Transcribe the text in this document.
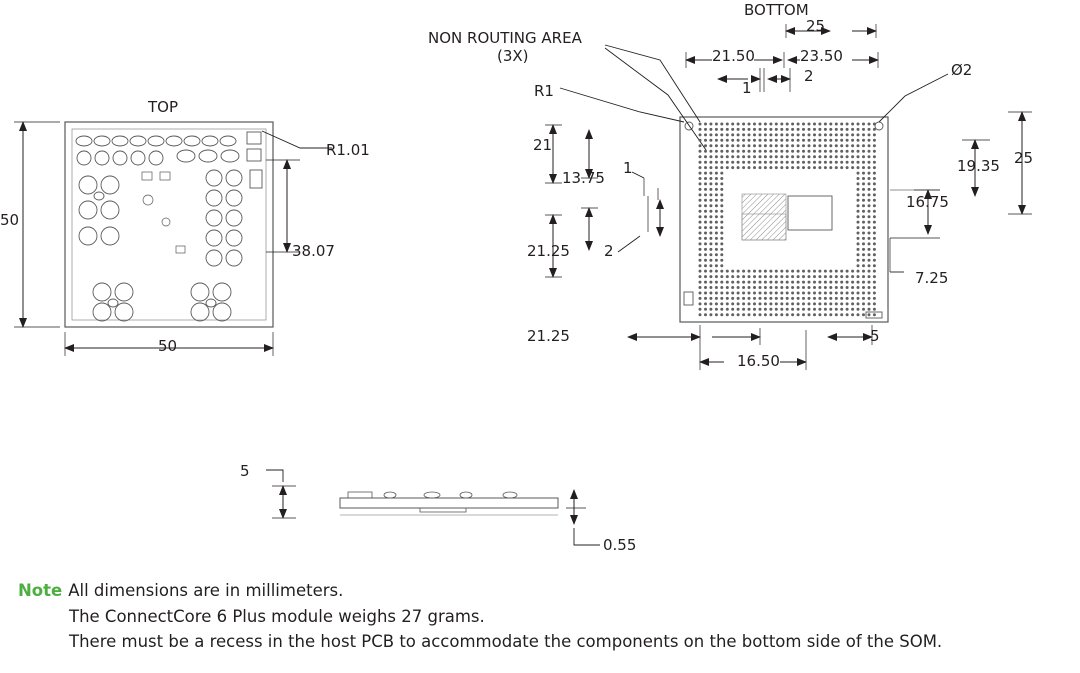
TOP
50
50
38.07
R1.01
BOTTOM
NON ROUTING AREA
(3X)
R1
Ø2
25
21.50	23.50
1
2
21
13.75
1
21.25 2
21.25
16.50
5
25
19.35
16.75
7.25
5
0.55
Note All dimensions are in millimeters.
The ConnectCore 6 Plus module weighs 27 grams.
There must be a recess in the host PCB to accommodate the components on the bottom side of the SOM.
